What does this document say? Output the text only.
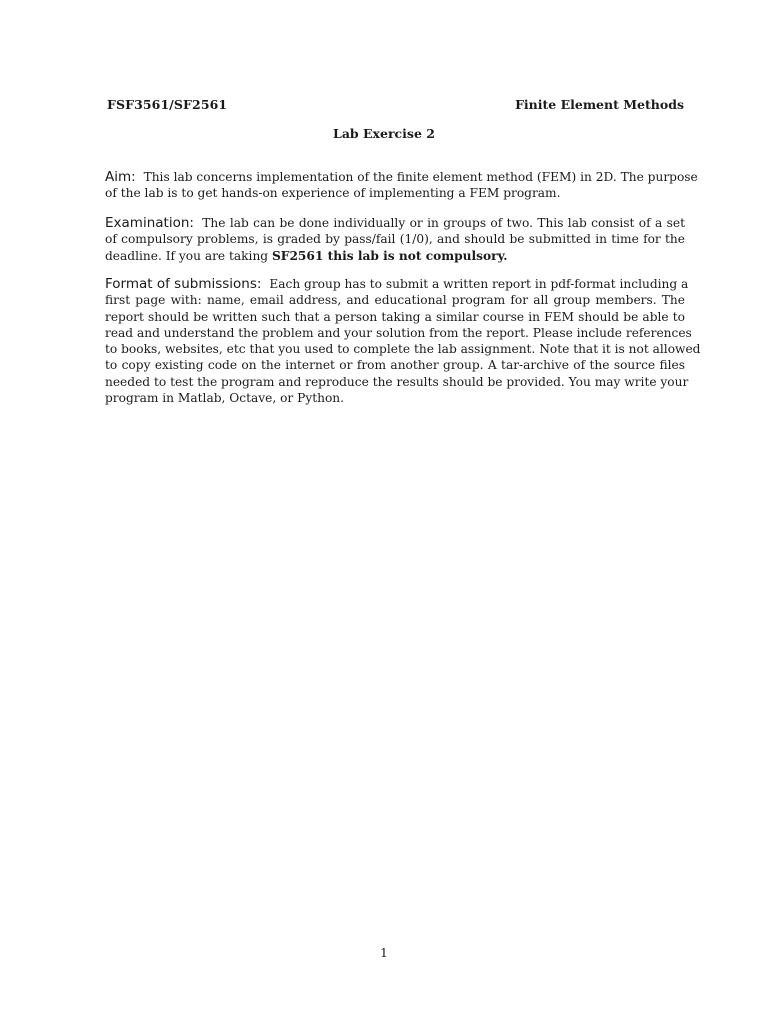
FSF3561/SF2561	Finite Element Methods
Lab Exercise 2
Aim: This lab concerns implementation of the finite element method (FEM) in 2D. The purpose
of the lab is to get hands-on experience of implementing a FEM program.
Examination: The lab can be done individually or in groups of two. This lab consist of a set
of compulsory problems, is graded by pass/fail (1/0), and should be submitted in time for the
deadline. If you are taking SF2561 this lab is not compulsory.
Format of submissions: Each group has to submit a written report in pdf-format including a
first page with: name, email address, and educational program for all group members. The
report should be written such that a person taking a similar course in FEM should be able to
read and understand the problem and your solution from the report. Please include references
to books, websites, etc that you used to complete the lab assignment. Note that it is not allowed
to copy existing code on the internet or from another group. A tar-archive of the source files
needed to test the program and reproduce the results should be provided. You may write your
program in Matlab, Octave, or Python.
1
